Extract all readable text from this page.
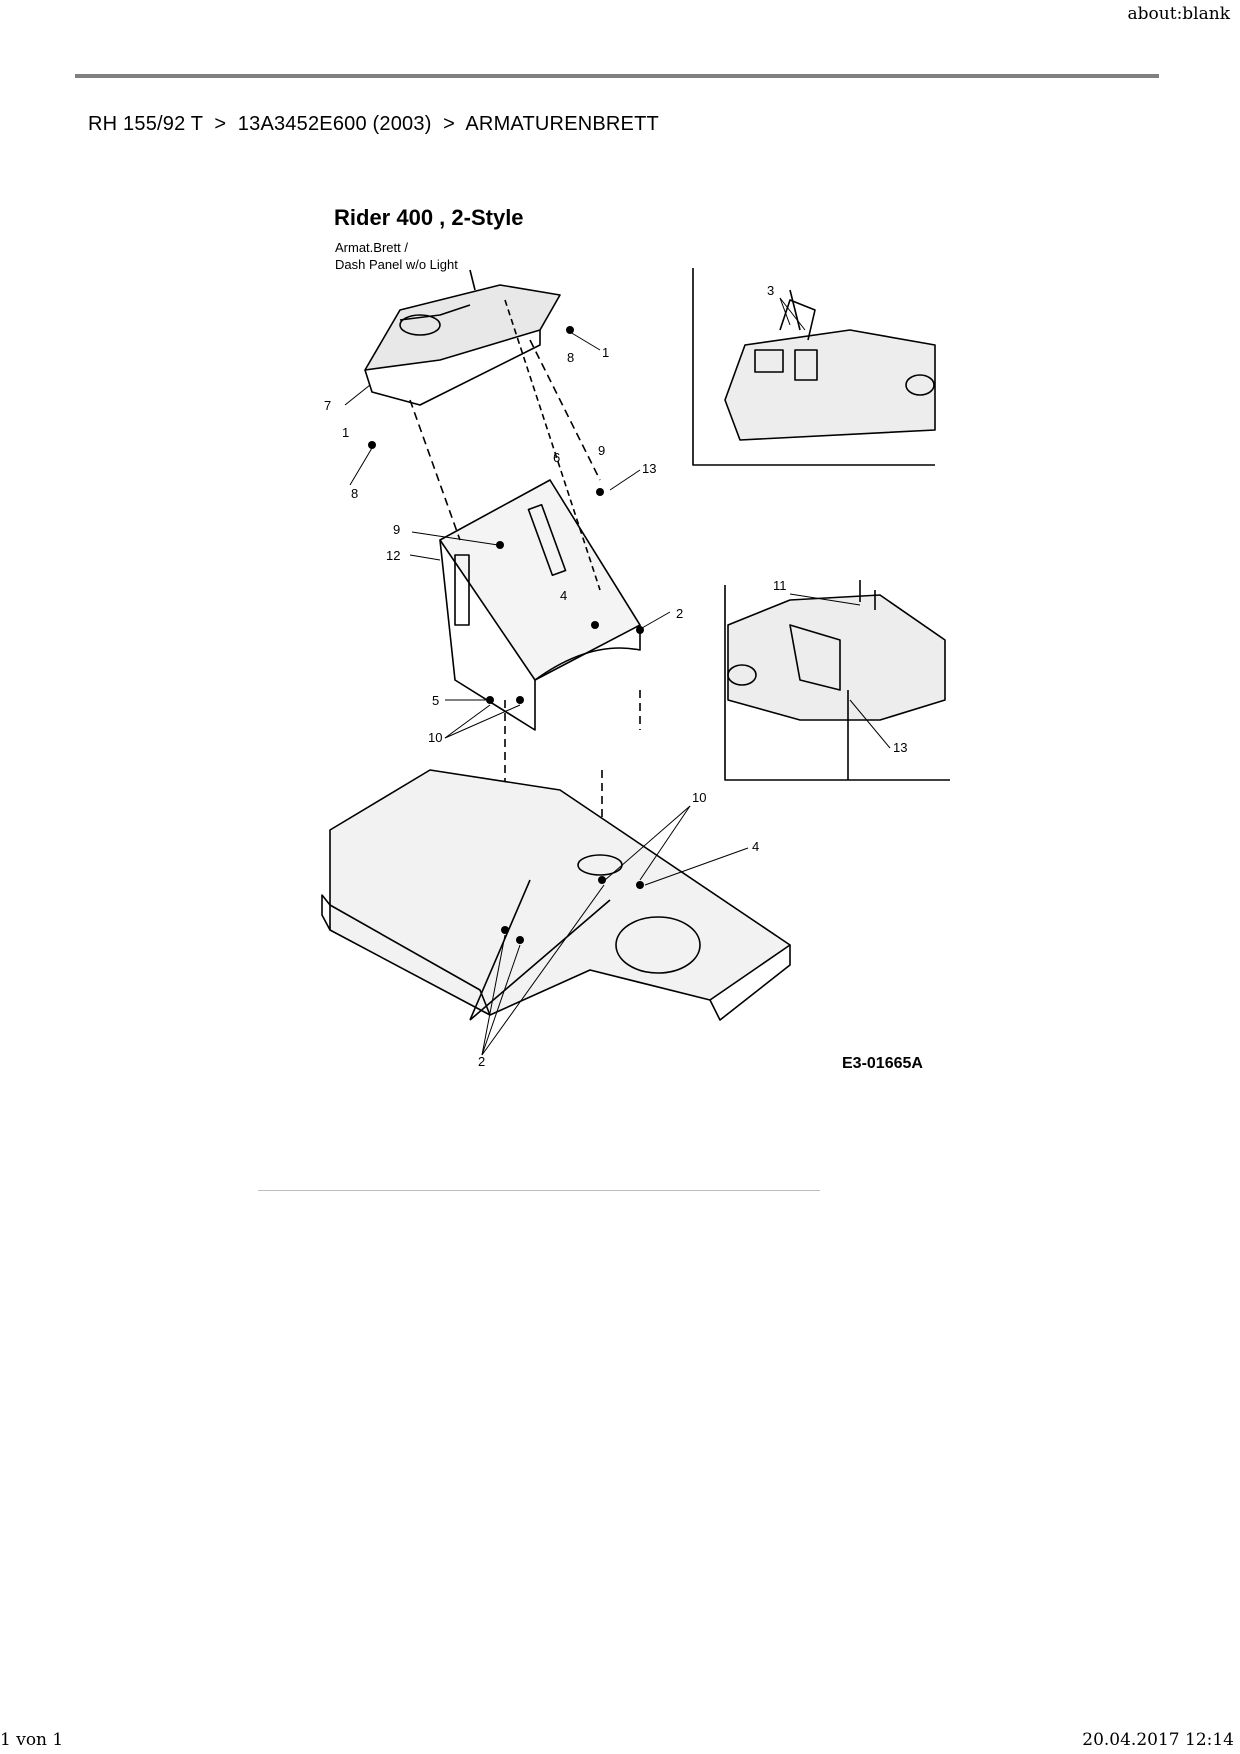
about:blank
RH 155/92 T > 13A3452E600 (2003) > ARMATURENBRETT
Rider 400 , 2-Style
Armat.Brett /
Dash Panel w/o Light
1
8
7
1
8
6	9
13
9
12
4
2
5
10
3
11
13
10
4
2	E3-01665A
1 von 1	20.04.2017 12:14
